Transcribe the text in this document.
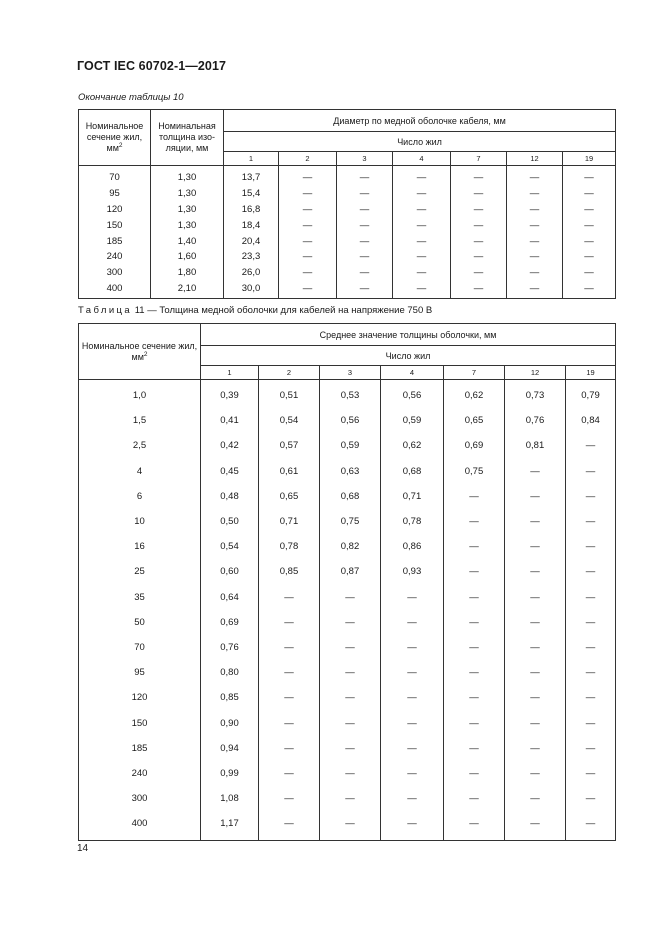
ГОСТ IEC 60702-1—2017
Окончание таблицы 10
Номинальное сечение жил, $мм^2$	Номинальная толщина изо-ляции, мм	Диаметр по медной оболочке кабеля, мм						
		Число жил						
		1	2	3	4	7	12	19
70	1,30	13,7	—	—	—	—	—	—
95	1,30	15,4	—	—	—	—	—	—
120	1,30	16,8	—	—	—	—	—	—
150	1,30	18,4	—	—	—	—	—	—
185	1,40	20,4	—	—	—	—	—	—
240	1,60	23,3	—	—	—	—	—	—
300	1,80	26,0	—	—	—	—	—	—
400	2,10	30,0	—	—	—	—	—	—
Таблица 11 — Толщина медной оболочки для кабелей на напряжение 750 В
Номинальное сечение жил, $мм^2$	Среднее значение толщины оболочки, мм						
	Число жил						
	1	2	3	4	7	12	19
1,0	0,39	0,51	0,53	0,56	0,62	0,73	0,79
1,5	0,41	0,54	0,56	0,59	0,65	0,76	0,84
2,5	0,42	0,57	0,59	0,62	0,69	0,81	—
4	0,45	0,61	0,63	0,68	0,75	—	—
6	0,48	0,65	0,68	0,71	—	—	—
10	0,50	0,71	0,75	0,78	—	—	—
16	0,54	0,78	0,82	0,86	—	—	—
25	0,60	0,85	0,87	0,93	—	—	—
35	0,64	—	—	—	—	—	—
50	0,69	—	—	—	—	—	—
70	0,76	—	—	—	—	—	—
95	0,80	—	—	—	—	—	—
120	0,85	—	—	—	—	—	—
150	0,90	—	—	—	—	—	—
185	0,94	—	—	—	—	—	—
240	0,99	—	—	—	—	—	—
300	1,08	—	—	—	—	—	—
400	1,17	—	—	—	—	—	—
14
